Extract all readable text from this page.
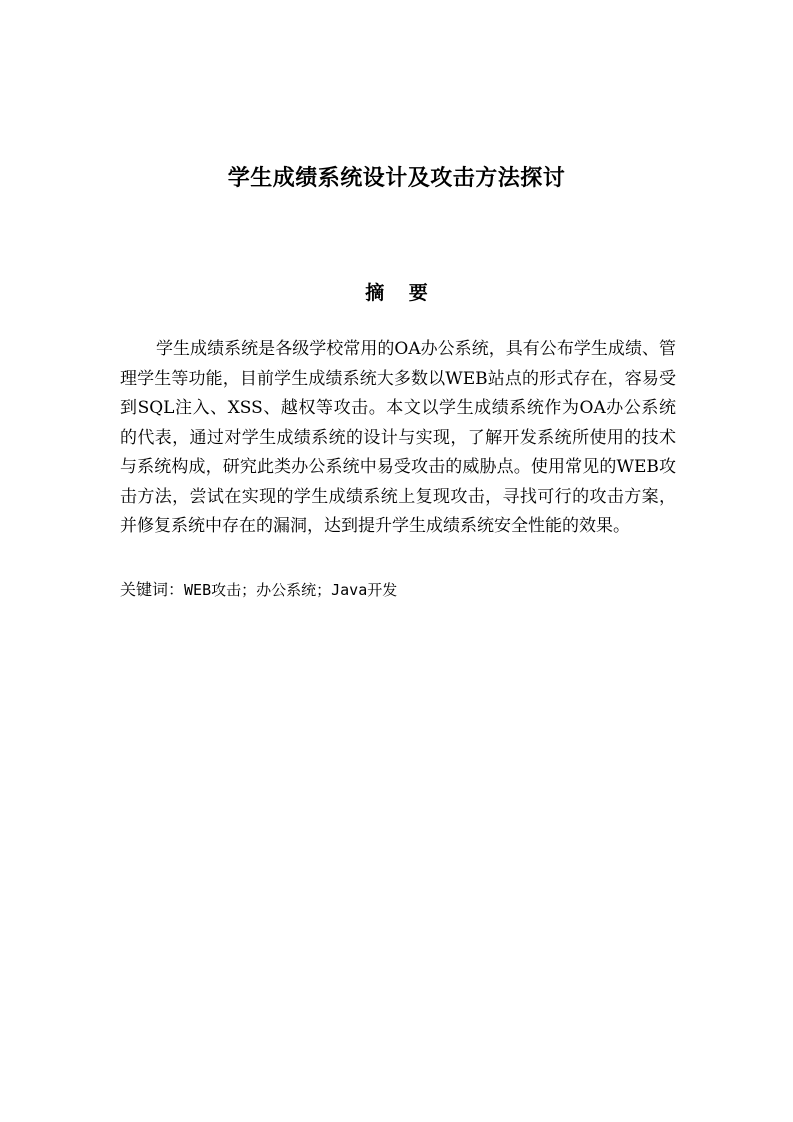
学生成绩系统设计及攻击方法探讨
摘 要

学生成绩系统是各级学校常用的OA办公系统，具有公布学生成绩、管理学生等功能，目前学生成绩系统大多数以WEB站点的形式存在，容易受到SQL注入、XSS、越权等攻击。本文以学生成绩系统作为OA办公系统的代表，通过对学生成绩系统的设计与实现，了解开发系统所使用的技术与系统构成，研究此类办公系统中易受攻击的威胁点。使用常见的WEB攻击方法，尝试在实现的学生成绩系统上复现攻击，寻找可行的攻击方案，并修复系统中存在的漏洞，达到提升学生成绩系统安全性能的效果。

关键词：WEB攻击；办公系统；Java开发
